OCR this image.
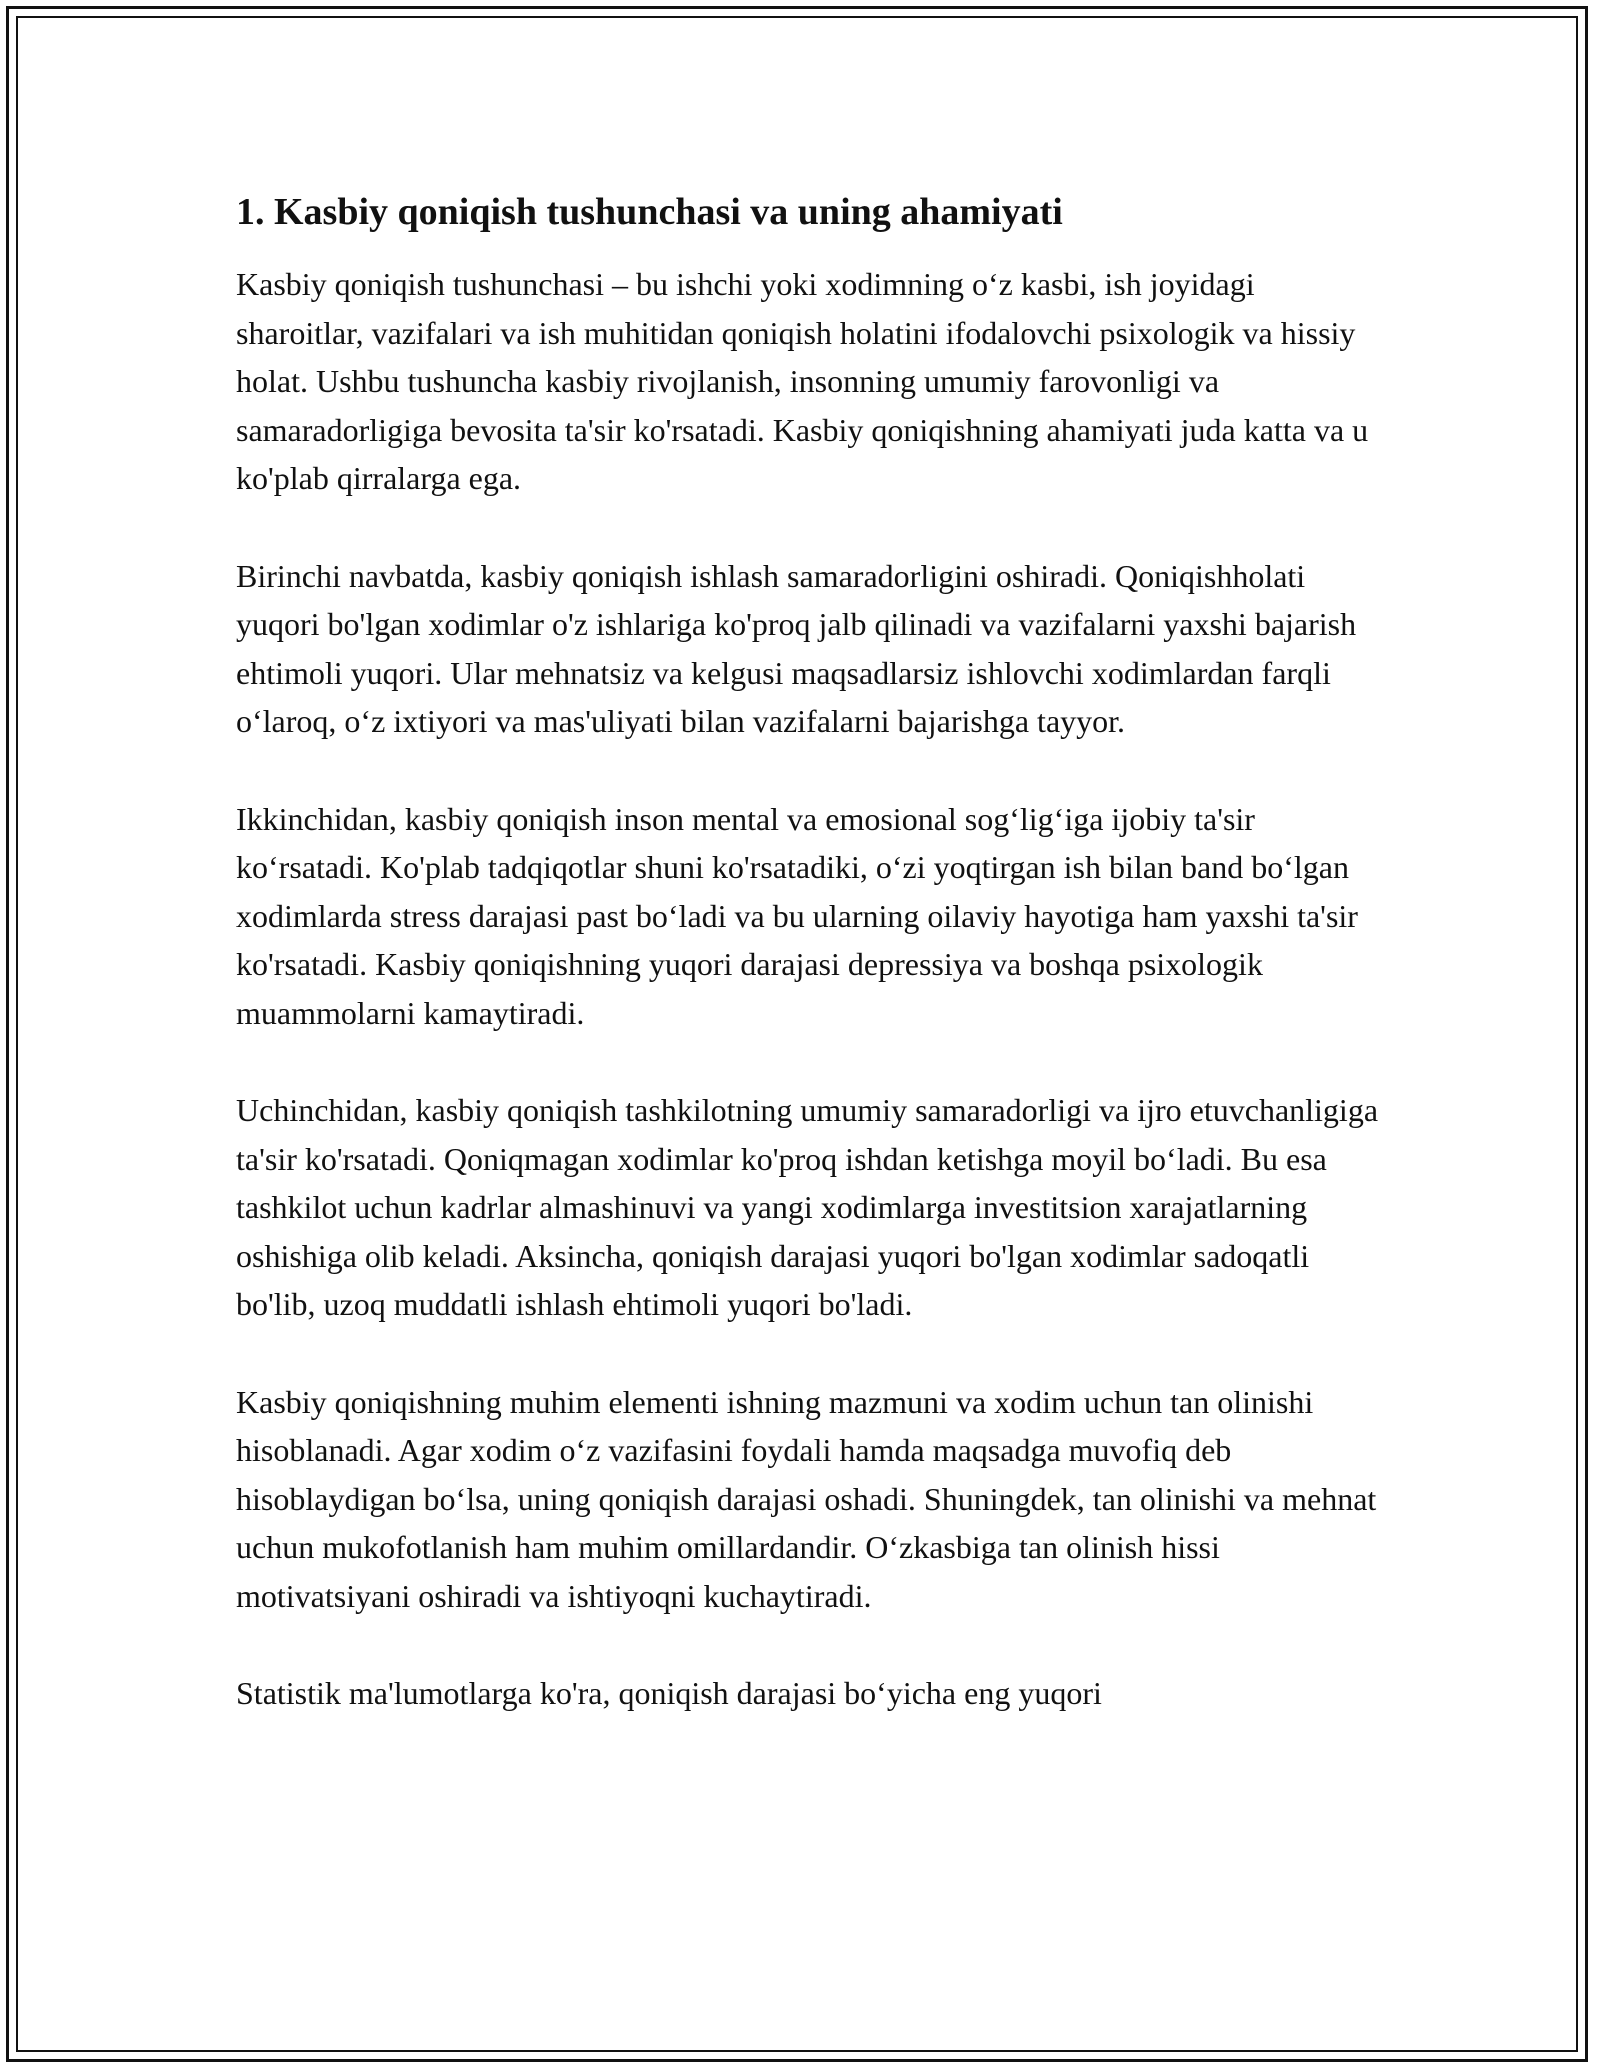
1. Kasbiy qoniqish tushunchasi va uning ahamiyati

Kasbiy qoniqish tushunchasi – bu ishchi yoki xodimning o‘z kasbi, ish joyidagi sharoitlar, vazifalari va ish muhitidan qoniqish holatini ifodalovchi psixologik va hissiy holat. Ushbu tushuncha kasbiy rivojlanish, insonning umumiy farovonligi va samaradorligiga bevosita ta'sir ko'rsatadi. Kasbiy qoniqishning ahamiyati juda katta va u ko'plab qirralarga ega.

Birinchi navbatda, kasbiy qoniqish ishlash samaradorligini oshiradi. Qoniqishholati yuqori bo'lgan xodimlar o'z ishlariga ko'proq jalb qilinadi va vazifalarni yaxshi bajarish ehtimoli yuqori. Ular mehnatsiz va kelgusi maqsadlarsiz ishlovchi xodimlardan farqli o‘laroq, o‘z ixtiyori va mas'uliyati bilan vazifalarni bajarishga tayyor.

Ikkinchidan, kasbiy qoniqish inson mental va emosional sog‘lig‘iga ijobiy ta'sir ko‘rsatadi. Ko'plab tadqiqotlar shuni ko'rsatadiki, o‘zi yoqtirgan ish bilan band bo‘lgan xodimlarda stress darajasi past bo‘ladi va bu ularning oilaviy hayotiga ham yaxshi ta'sir ko'rsatadi. Kasbiy qoniqishning yuqori darajasi depressiya va boshqa psixologik muammolarni kamaytiradi.

Uchinchidan, kasbiy qoniqish tashkilotning umumiy samaradorligi va ijro etuvchanligiga ta'sir ko'rsatadi. Qoniqmagan xodimlar ko'proq ishdan ketishga moyil bo‘ladi. Bu esa tashkilot uchun kadrlar almashinuvi va yangi xodimlarga investitsion xarajatlarning oshishiga olib keladi. Aksincha, qoniqish darajasi yuqori bo'lgan xodimlar sadoqatli bo'lib, uzoq muddatli ishlash ehtimoli yuqori bo'ladi.

Kasbiy qoniqishning muhim elementi ishning mazmuni va xodim uchun tan olinishi hisoblanadi. Agar xodim o‘z vazifasini foydali hamda maqsadga muvofiq deb hisoblaydigan bo‘lsa, uning qoniqish darajasi oshadi. Shuningdek, tan olinishi va mehnat uchun mukofotlanish ham muhim omillardandir. O‘zkasbiga tan olinish hissi motivatsiyani oshiradi va ishtiyoqni kuchaytiradi.

Statistik ma'lumotlarga ko'ra, qoniqish darajasi bo‘yicha eng yuqori
